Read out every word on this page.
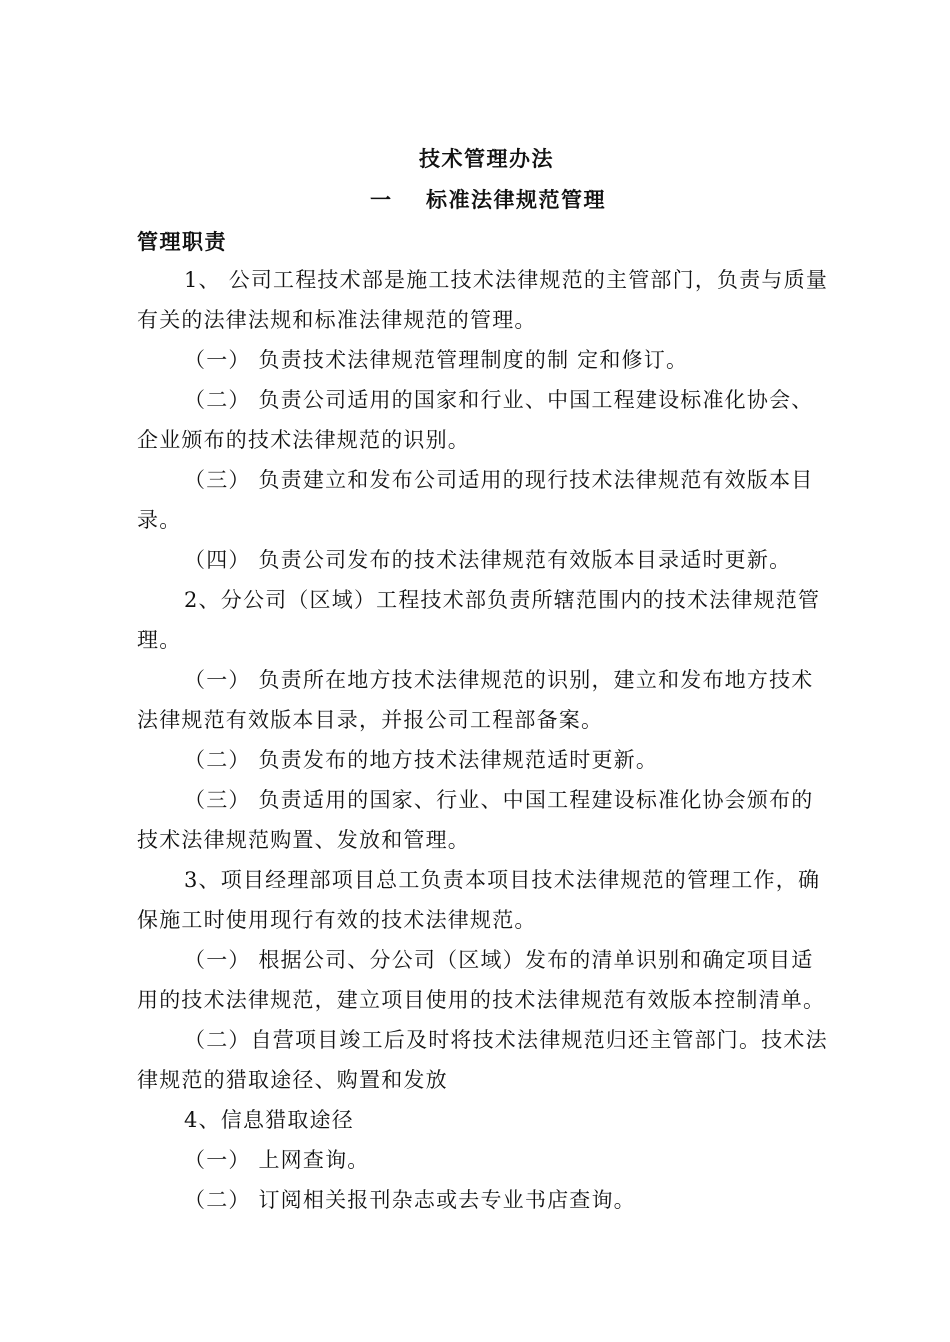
技术管理办法
一 标准法律规范管理
管理职责
1、 公司工程技术部是施工技术法律规范的主管部门，负责与质量
有关的法律法规和标准法律规范的管理。
（一） 负责技术法律规范管理制度的制 定和修订。
（二） 负责公司适用的国家和行业、中国工程建设标准化协会、
企业颁布的技术法律规范的识别。
（三） 负责建立和发布公司适用的现行技术法律规范有效版本目
录。
（四） 负责公司发布的技术法律规范有效版本目录适时更新。
2、分公司（区域）工程技术部负责所辖范围内的技术法律规范管
理。
（一） 负责所在地方技术法律规范的识别，建立和发布地方技术
法律规范有效版本目录，并报公司工程部备案。
（二） 负责发布的地方技术法律规范适时更新。
（三） 负责适用的国家、行业、中国工程建设标准化协会颁布的
技术法律规范购置、发放和管理。
3、项目经理部项目总工负责本项目技术法律规范的管理工作，确
保施工时使用现行有效的技术法律规范。
（一） 根据公司、分公司（区域）发布的清单识别和确定项目适
用的技术法律规范，建立项目使用的技术法律规范有效版本控制清单。
（二）自营项目竣工后及时将技术法律规范归还主管部门。技术法
律规范的猎取途径、购置和发放
4、信息猎取途径
（一） 上网查询。
（二） 订阅相关报刊杂志或去专业书店查询。
